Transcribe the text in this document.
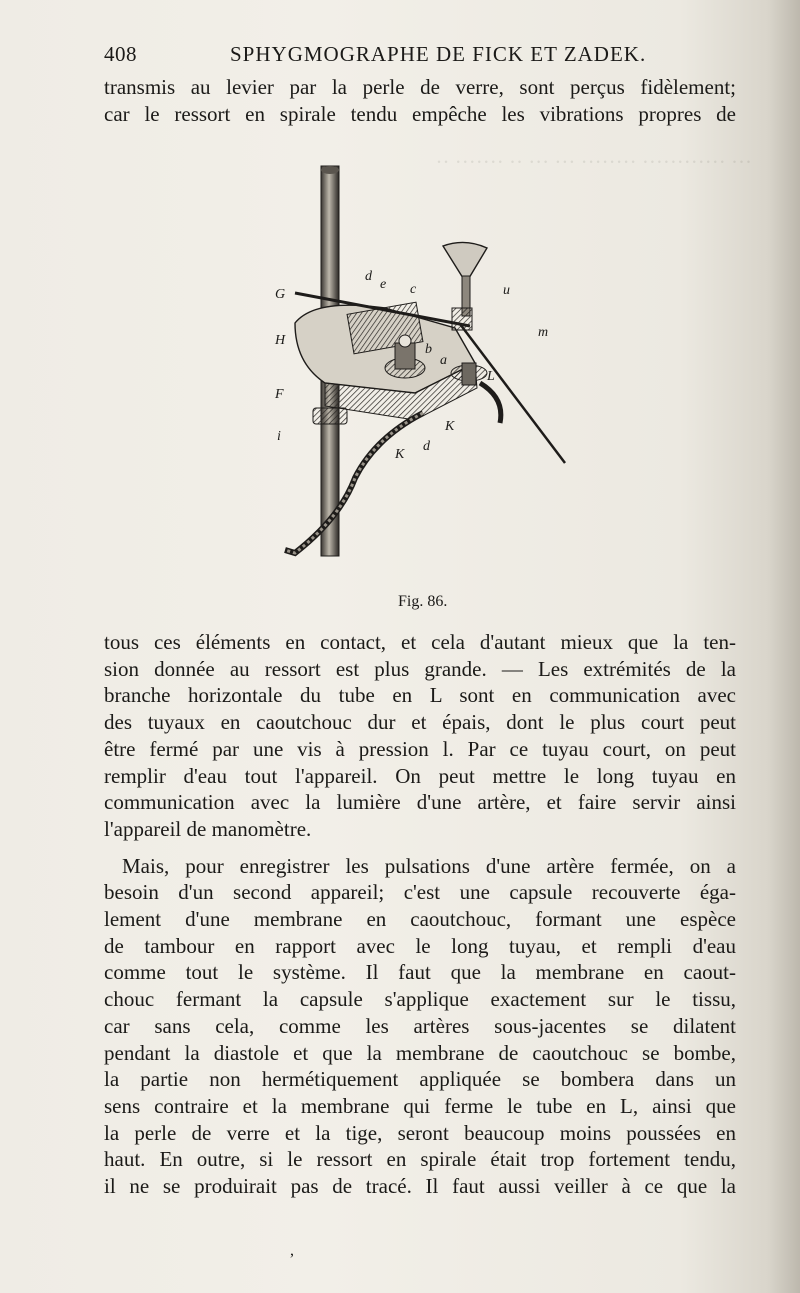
··· ············ ········ ··· ··· ·· ······· ··
408	SPHYGMOGRAPHE DE FICK ET ZADEK.
transmis au levier par la perle de verre, sont perçus fidèlement;
car le ressort en spirale tendu empêche les vibrations propres de
G
d
e c	u
H
m
b
a
F
L
i
K
d
K
Fig. 86.
tous ces éléments en contact, et cela d'autant mieux que la ten-
sion donnée au ressort est plus grande. — Les extrémités de la
branche horizontale du tube en L sont en communication avec
des tuyaux en caoutchouc dur et épais, dont le plus court peut
être fermé par une vis à pression l. Par ce tuyau court, on peut
remplir d'eau tout l'appareil. On peut mettre le long tuyau en
communication avec la lumière d'une artère, et faire servir ainsi
l'appareil de manomètre.
Mais, pour enregistrer les pulsations d'une artère fermée, on a
besoin d'un second appareil; c'est une capsule recouverte éga-
lement d'une membrane en caoutchouc, formant une espèce
de tambour en rapport avec le long tuyau, et rempli d'eau
comme tout le système. Il faut que la membrane en caout-
chouc fermant la capsule s'applique exactement sur le tissu,
car sans cela, comme les artères sous-jacentes se dilatent
pendant la diastole et que la membrane de caoutchouc se bombe,
la partie non hermétiquement appliquée se bombera dans un
sens contraire et la membrane qui ferme le tube en L, ainsi que
la perle de verre et la tige, seront beaucoup moins poussées en
haut. En outre, si le ressort en spirale était trop fortement tendu,
il ne se produirait pas de tracé. Il faut aussi veiller à ce que la
,
